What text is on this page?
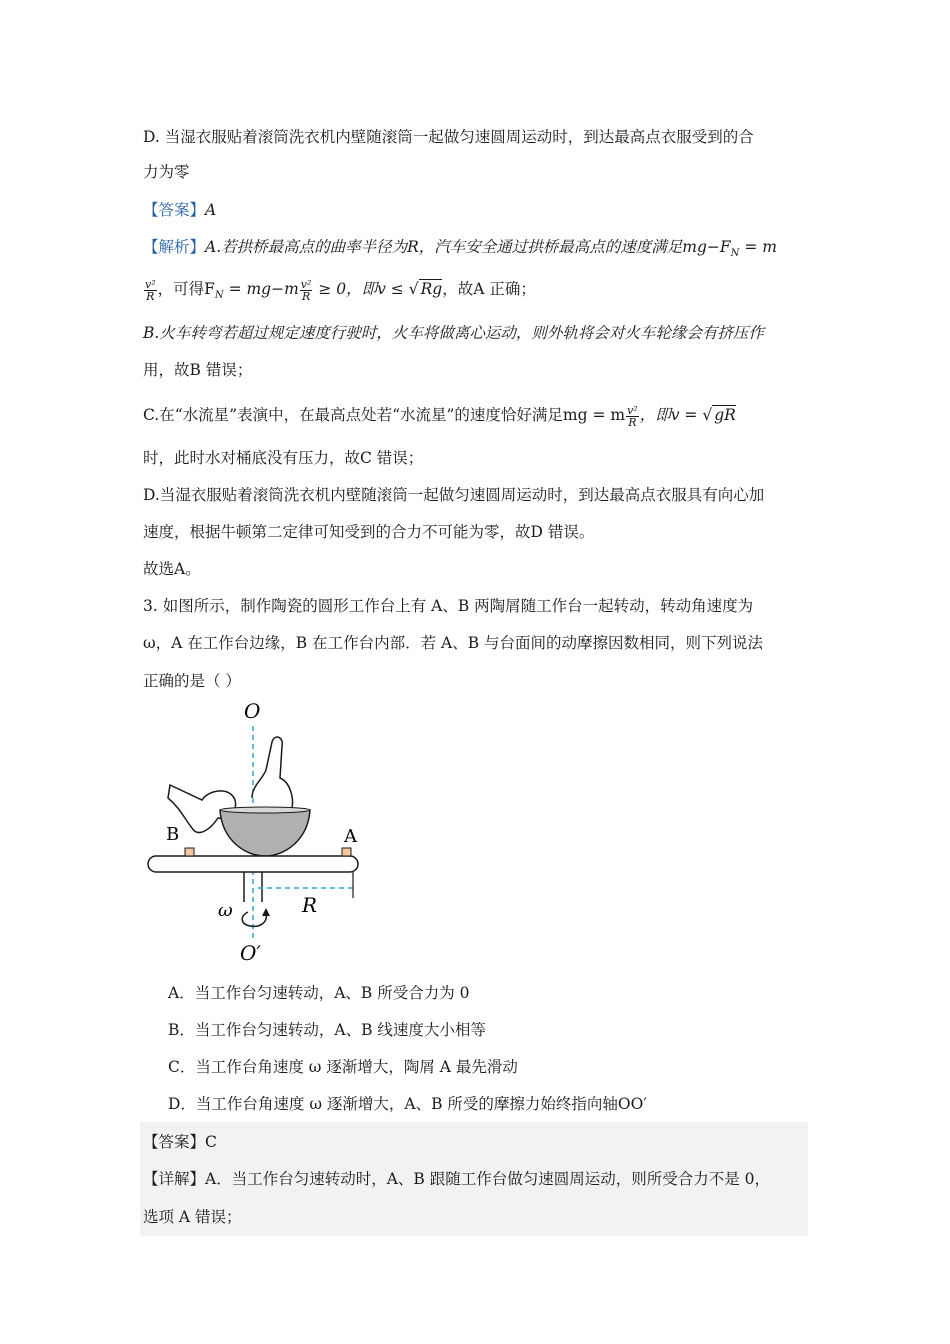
D. 当湿衣服贴着滚筒洗衣机内壁随滚筒一起做匀速圆周运动时，到达最高点衣服受到的合
力为零
【答案】A
【解析】A.若拱桥最高点的曲率半径为R，汽车安全通过拱桥最高点的速度满足$mg-F_N = m$
$\frac{\text{v²}}{R}$ ，可得$F_N = mg-m \frac{\text{v²}}{R} \ge 0$，即v ≤ √ Rg，故A 正确；
B.火车转弯若超过规定速度行驶时，火车将做离心运动，则外轨将会对火车轮缘会有挤压作
用，故B 错误；
C.在“水流星”表演中，在最高点处若“水流星”的速度恰好满足mg = m $\frac{\text{v²}}{R}$ ，即v = √ gR
时，此时水对桶底没有压力，故C 错误；
D.当湿衣服贴着滚筒洗衣机内壁随滚筒一起做匀速圆周运动时，到达最高点衣服具有向心加
速度，根据牛顿第二定律可知受到的合力不可能为零，故D 错误。
故选A。
3. 如图所示，制作陶瓷的圆形工作台上有 A、B 两陶屑随工作台一起转动，转动角速度为
ω，A 在工作台边缘，B 在工作台内部．若 A、B 与台面间的动摩擦因数相同，则下列说法
正确的是（ ）
O
B	A
R
ω
O′
A．当工作台匀速转动，A、B 所受合力为 0
B．当工作台匀速转动，A、B 线速度大小相等
C．当工作台角速度 ω 逐渐增大，陶屑 A 最先滑动
D．当工作台角速度 ω 逐渐增大，A、B 所受的摩擦力始终指向轴OO′
【答案】C
【详解】A．当工作台匀速转动时，A、B 跟随工作台做匀速圆周运动，则所受合力不是 0，
选项 A 错误；
